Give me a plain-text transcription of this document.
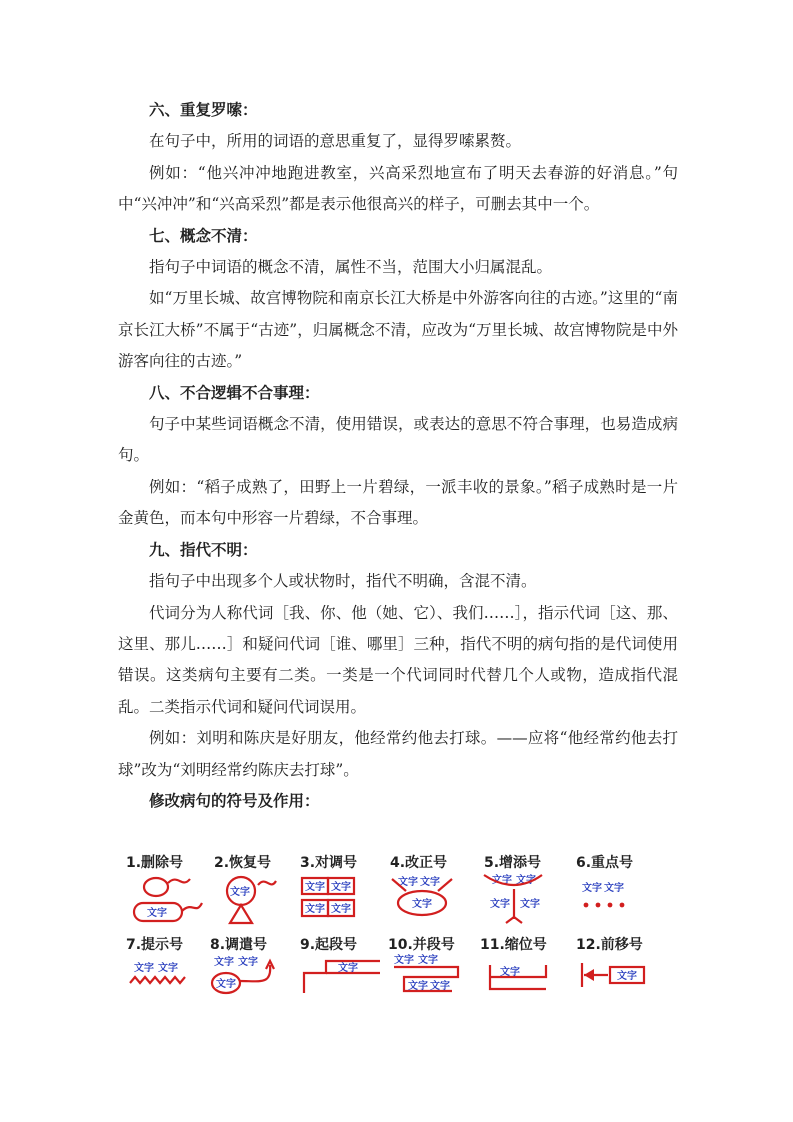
六、重复罗嗦：

在句子中，所用的词语的意思重复了，显得罗嗦累赘。

例如：“他兴冲冲地跑进教室，兴高采烈地宣布了明天去春游的好消息。”句中“兴冲冲”和“兴高采烈”都是表示他很高兴的样子，可删去其中一个。

七、概念不清：

指句子中词语的概念不清，属性不当，范围大小归属混乱。

如“万里长城、故宫博物院和南京长江大桥是中外游客向往的古迹。”这里的“南京长江大桥”不属于“古迹”，归属概念不清，应改为“万里长城、故宫博物院是中外游客向往的古迹。”

八、不合逻辑不合事理：

句子中某些词语概念不清，使用错误，或表达的意思不符合事理，也易造成病句。

例如：“稻子成熟了，田野上一片碧绿，一派丰收的景象。”稻子成熟时是一片金黄色，而本句中形容一片碧绿，不合事理。

九、指代不明：

指句子中出现多个人或状物时，指代不明确，含混不清。

代词分为人称代词［我、你、他（她、它）、我们……］，指示代词［这、那、这里、那儿……］和疑问代词［谁、哪里］三种，指代不明的病句指的是代词使用错误。这类病句主要有二类。一类是一个代词同时代替几个人或物，造成指代混乱。二类指示代词和疑问代词误用。

例如：刘明和陈庆是好朋友，他经常约他去打球。——应将“他经常约他去打球”改为“刘明经常约陈庆去打球”。

修改病句的符号及作用：

1.删除号 2.恢复号 3.对调号 4.改正号	5.增添号 6.重点号
文字
文字	文字 文字
文字 文字
文字 文字
文字
文字 文字
文字 文字
文字 文字
7.提示号 8.调遣号 9.起段号 10.并段号 11.缩位号 12.前移号
文字 文字
文字 文字
文字
文字
文字 文字
文字 文字
文字	文字
